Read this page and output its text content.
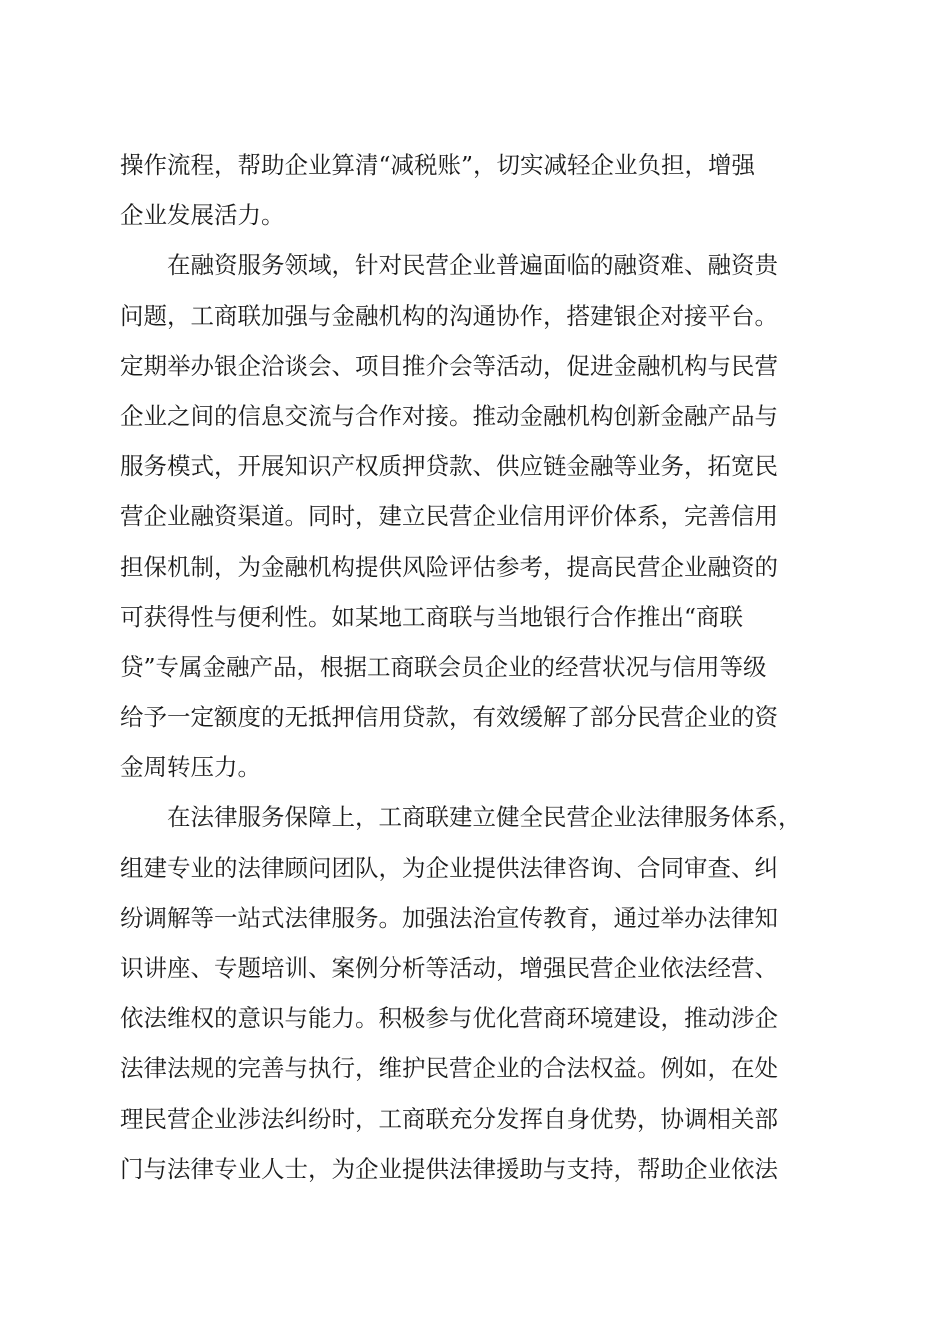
操作流程，帮助企业算清“减税账”，切实减轻企业负担，增强
企业发展活力。
在融资服务领域，针对民营企业普遍面临的融资难、融资贵
问题，工商联加强与金融机构的沟通协作，搭建银企对接平台。
定期举办银企洽谈会、项目推介会等活动，促进金融机构与民营
企业之间的信息交流与合作对接。推动金融机构创新金融产品与
服务模式，开展知识产权质押贷款、供应链金融等业务，拓宽民
营企业融资渠道。同时，建立民营企业信用评价体系，完善信用
担保机制，为金融机构提供风险评估参考，提高民营企业融资的
可获得性与便利性。如某地工商联与当地银行合作推出“商联
贷”专属金融产品，根据工商联会员企业的经营状况与信用等级
给予一定额度的无抵押信用贷款，有效缓解了部分民营企业的资
金周转压力。
在法律服务保障上，工商联建立健全民营企业法律服务体系，
组建专业的法律顾问团队，为企业提供法律咨询、合同审查、纠
纷调解等一站式法律服务。加强法治宣传教育，通过举办法律知
识讲座、专题培训、案例分析等活动，增强民营企业依法经营、
依法维权的意识与能力。积极参与优化营商环境建设，推动涉企
法律法规的完善与执行，维护民营企业的合法权益。例如，在处
理民营企业涉法纠纷时，工商联充分发挥自身优势，协调相关部
门与法律专业人士，为企业提供法律援助与支持，帮助企业依法
